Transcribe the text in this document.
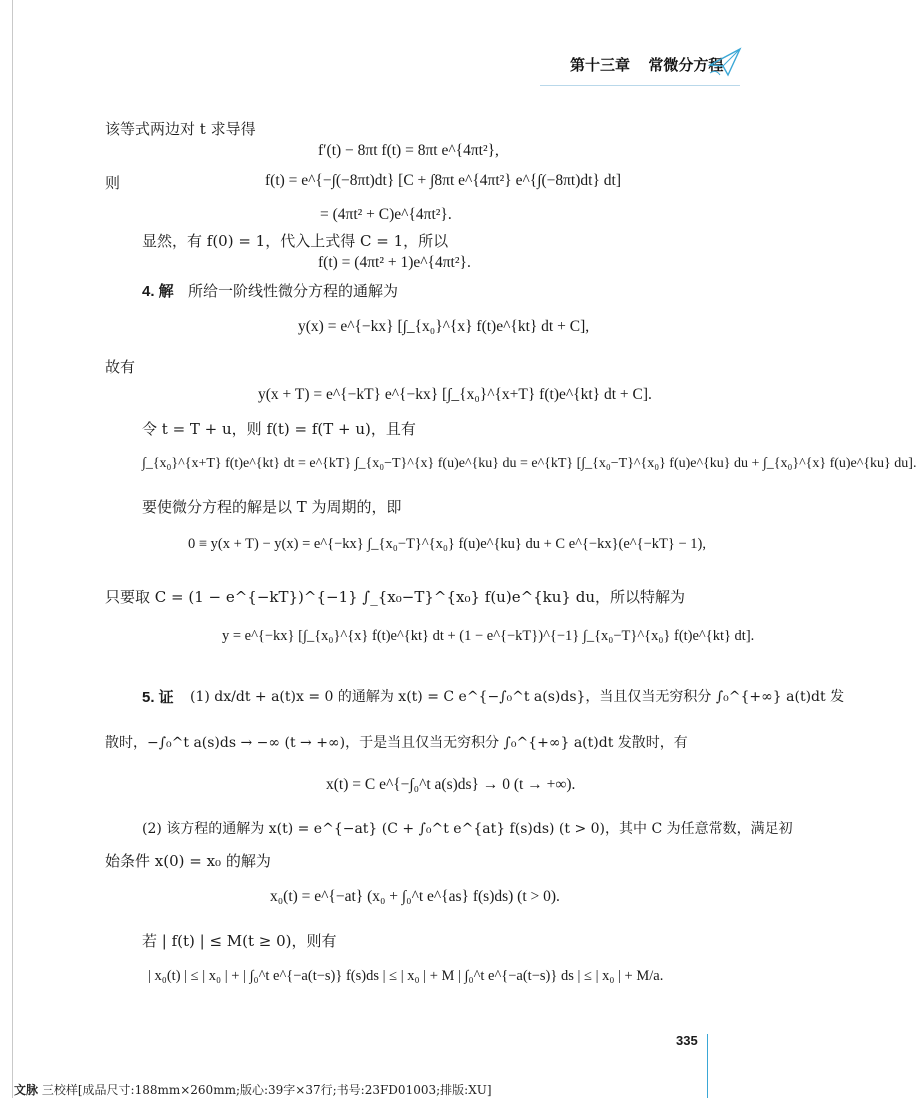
第十三章 常微分方程
该等式两边对 t 求导得
f′(t) − 8πt f(t) = 8πt e^{4πt²},
则	f(t) = e^{−∫(−8πt)dt} [C + ∫8πt e^{4πt²} e^{∫(−8πt)dt} dt]
= (4πt² + C)e^{4πt²}.
显然，有 f(0) = 1，代入上式得 C = 1，所以
f(t) = (4πt² + 1)e^{4πt²}.
4. 解 所给一阶线性微分方程的通解为
y(x) = e^{−kx} [∫_{x₀}^{x} f(t)e^{kt} dt + C],
故有
y(x + T) = e^{−kT} e^{−kx} [∫_{x₀}^{x+T} f(t)e^{kt} dt + C].
令 t = T + u，则 f(t) = f(T + u)，且有
∫_{x₀}^{x+T} f(t)e^{kt} dt = e^{kT} ∫_{x₀−T}^{x} f(u)e^{ku} du = e^{kT} [∫_{x₀−T}^{x₀} f(u)e^{ku} du + ∫_{x₀}^{x} f(u)e^{ku} du].
要使微分方程的解是以 T 为周期的，即
0 ≡ y(x + T) − y(x) = e^{−kx} ∫_{x₀−T}^{x₀} f(u)e^{ku} du + C e^{−kx}(e^{−kT} − 1),
只要取 C = (1 − e^{−kT})^{−1} ∫_{x₀−T}^{x₀} f(u)e^{ku} du，所以特解为
y = e^{−kx} [∫_{x₀}^{x} f(t)e^{kt} dt + (1 − e^{−kT})^{−1} ∫_{x₀−T}^{x₀} f(t)e^{kt} dt].
5. 证 (1) dx/dt + a(t)x = 0 的通解为 x(t) = C e^{−∫₀^t a(s)ds}，当且仅当无穷积分 ∫₀^{+∞} a(t)dt 发
散时，−∫₀^t a(s)ds → −∞ (t → +∞)，于是当且仅当无穷积分 ∫₀^{+∞} a(t)dt 发散时，有
x(t) = C e^{−∫₀^t a(s)ds} → 0 (t → +∞).
(2) 该方程的通解为 x(t) = e^{−at} (C + ∫₀^t e^{at} f(s)ds) (t > 0)，其中 C 为任意常数，满足初
始条件 x(0) = x₀ 的解为
x₀(t) = e^{−at} (x₀ + ∫₀^t e^{as} f(s)ds) (t > 0).
若 | f(t) | ≤ M(t ≥ 0)，则有
| x₀(t) | ≤ | x₀ | + | ∫₀^t e^{−a(t−s)} f(s)ds | ≤ | x₀ | + M | ∫₀^t e^{−a(t−s)} ds | ≤ | x₀ | + M/a.
335
文脉 三校样[成品尺寸:188mm×260mm;版心:39字×37行;书号:23FD01003;排版:XU]
